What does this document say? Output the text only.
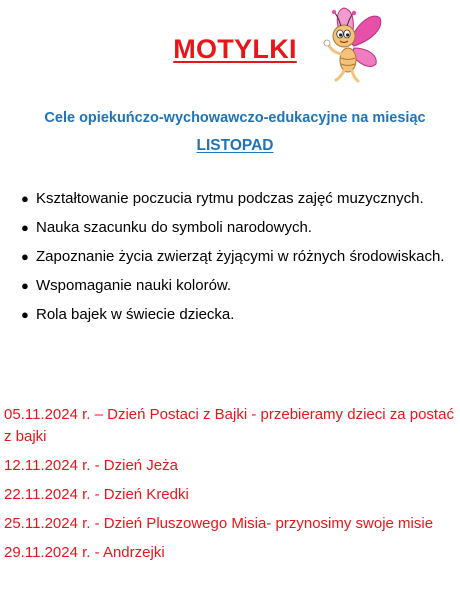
MOTYLKI
Cele opiekuńczo-wychowawczo-edukacyjne na miesiąc
LISTOPAD
● Kształtowanie poczucia rytmu podczas zajęć muzycznych.
● Nauka szacunku do symboli narodowych.
● Zapoznanie życia zwierząt żyjącymi w różnych środowiskach.
● Wspomaganie nauki kolorów.
● Rola bajek w świecie dziecka.
05.11.2024 r. – Dzień Postaci z Bajki - przebieramy dzieci za postać z bajki
12.11.2024 r. - Dzień Jeża
22.11.2024 r. - Dzień Kredki
25.11.2024 r. - Dzień Pluszowego Misia- przynosimy swoje misie
29.11.2024 r. - Andrzejki
